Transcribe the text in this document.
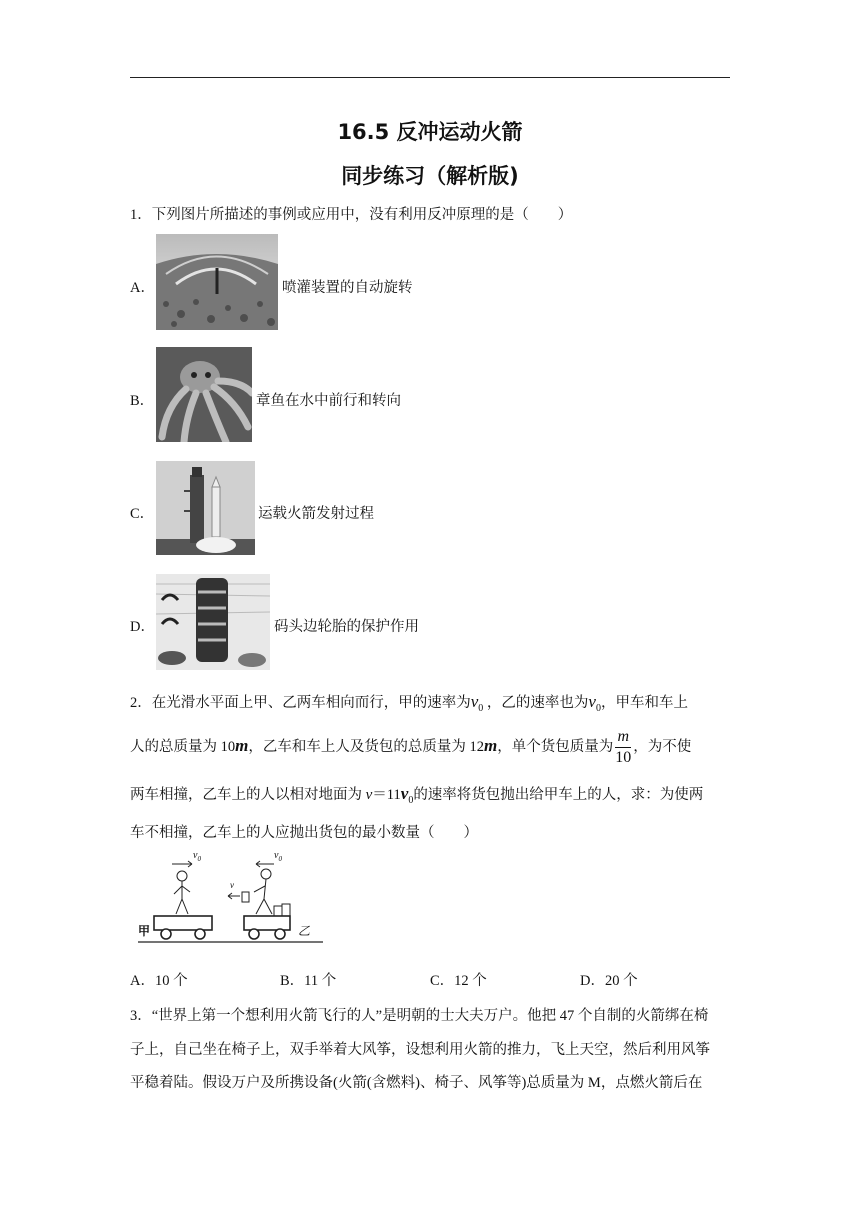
16.5 反冲运动火箭
同步练习（解析版)
1．下列图片所描述的事例或应用中，没有利用反冲原理的是（　　）
A．	喷灌装置的自动旋转
B．	章鱼在水中前行和转向
C．	运载火箭发射过程
D．	码头边轮胎的保护作用
2．在光滑水平面上甲、乙两车相向而行，甲的速率为$v_0$ ，乙的速率也为$v_0$，甲车和车上
人的总质量为 10m，乙车和车上人及货包的总质量为 12m，单个货包质量为 $\frac{m}{10}$ ，为不使
两车相撞，乙车上的人以相对地面为 $v=11v_0$的速率将货包抛出给甲车上的人，求：为使两
车不相撞，乙车上的人应抛出货包的最小数量（　　）
甲	乙
$v_0$	$v_0$
v
A．10 个	B．11 个	C．12 个	D．20 个
3．“世界上第一个想利用火箭飞行的人”是明朝的士大夫万户。他把 47 个自制的火箭绑在椅
子上，自己坐在椅子上，双手举着大风筝，设想利用火箭的推力，飞上天空，然后利用风筝
平稳着陆。假设万户及所携设备(火箭(含燃料)、椅子、风筝等)总质量为 M，点燃火箭后在
